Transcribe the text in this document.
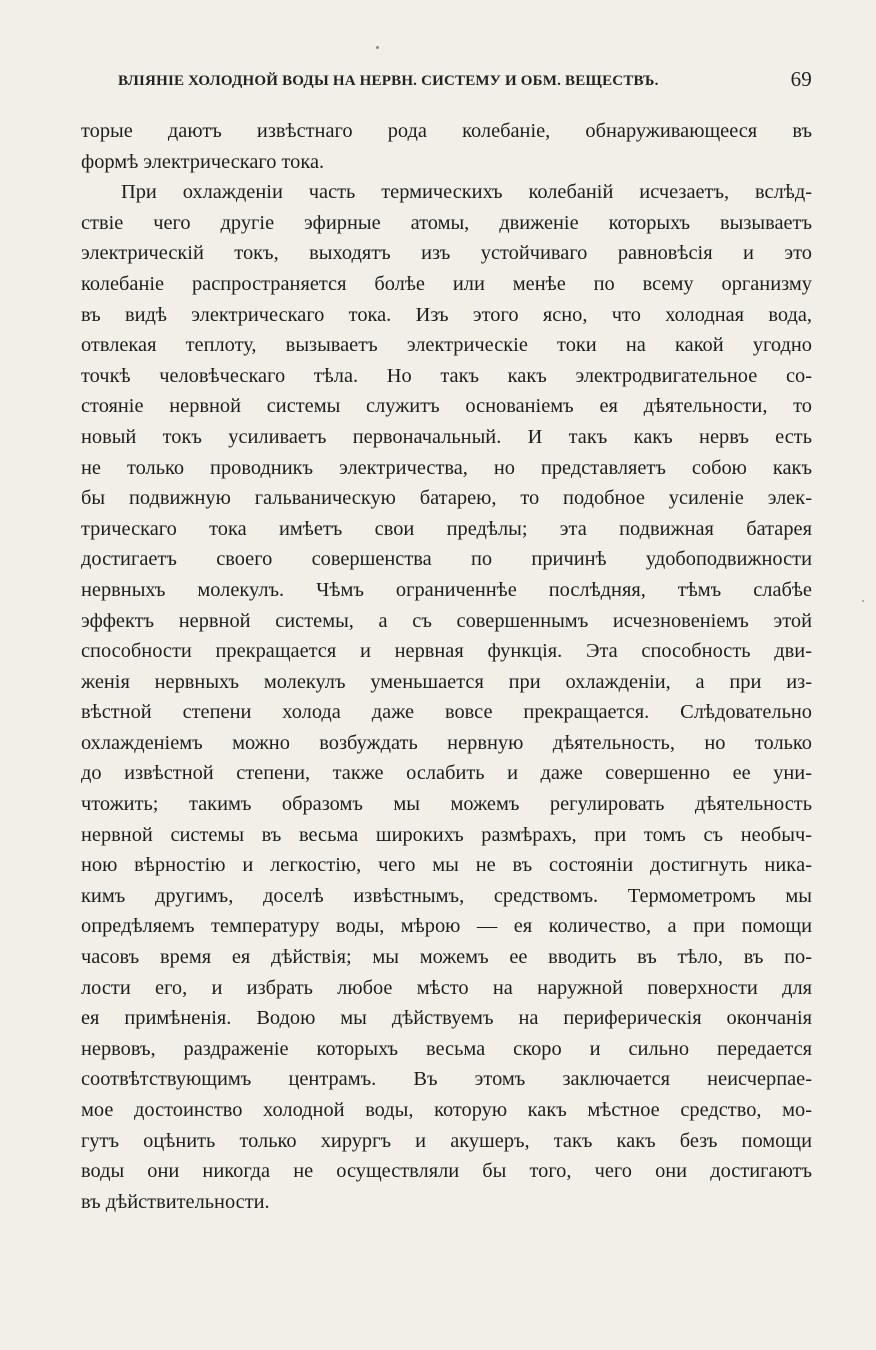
ВЛІЯНІЕ ХОЛОДНОЙ ВОДЫ НА НЕРВН. СИСТЕМУ И ОБМ. ВЕЩЕСТВЪ.	69
торые даютъ извѣстнаго рода колебаніе, обнаруживающееся въ
формѣ электрическаго тока.
При охлажденіи часть термическихъ колебаній исчезаетъ, вслѣд-
ствіе чего другіе эфирные атомы, движеніе которыхъ вызываетъ
электрическій токъ, выходятъ изъ устойчиваго равновѣсія и это
колебаніе распространяется болѣе или менѣе по всему организму
въ видѣ электрическаго тока. Изъ этого ясно, что холодная вода,
отвлекая теплоту, вызываетъ электрическіе токи на какой угодно
точкѣ человѣческаго тѣла. Но такъ какъ электродвигательное со-
стояніе нервной системы служитъ основаніемъ ея дѣятельности, то
новый токъ усиливаетъ первоначальный. И такъ какъ нервъ есть
не только проводникъ электричества, но представляетъ собою какъ
бы подвижную гальваническую батарею, то подобное усиленіе элек-
трическаго тока имѣетъ свои предѣлы; эта подвижная батарея
достигаетъ своего совершенства по причинѣ удобоподвижности
нервныхъ молекулъ. Чѣмъ ограниченнѣе послѣдняя, тѣмъ слабѣе
эффектъ нервной системы, а съ совершеннымъ исчезновеніемъ этой
способности прекращается и нервная функція. Эта способность дви-
женія нервныхъ молекулъ уменьшается при охлажденіи, а при из-
вѣстной степени холода даже вовсе прекращается. Слѣдовательно
охлажденіемъ можно возбуждать нервную дѣятельность, но только
до извѣстной степени, также ослабить и даже совершенно ее уни-
чтожить; такимъ образомъ мы можемъ регулировать дѣятельность
нервной системы въ весьма широкихъ размѣрахъ, при томъ съ необыч-
ною вѣрностію и легкостію, чего мы не въ состояніи достигнуть никa-
кимъ другимъ, доселѣ извѣстнымъ, средствомъ. Термометромъ мы
опредѣляемъ температуру воды, мѣрою — ея количество, а при помощи
часовъ время ея дѣйствія; мы можемъ ее вводить въ тѣло, въ по-
лости его, и избрать любое мѣсто на наружной поверхности для
ея примѣненія. Водою мы дѣйствуемъ на периферическія окончанія
нервовъ, раздраженіе которыхъ весьма скоро и сильно передается
соотвѣтствующимъ центрамъ. Въ этомъ заключается неисчерпае-
мое достоинство холодной воды, которую какъ мѣстное средство, мо-
гутъ оцѣнить только хирургъ и акушеръ, такъ какъ безъ помощи
воды они никогда не осуществляли бы того, чего они достигаютъ
въ дѣйствительности.
